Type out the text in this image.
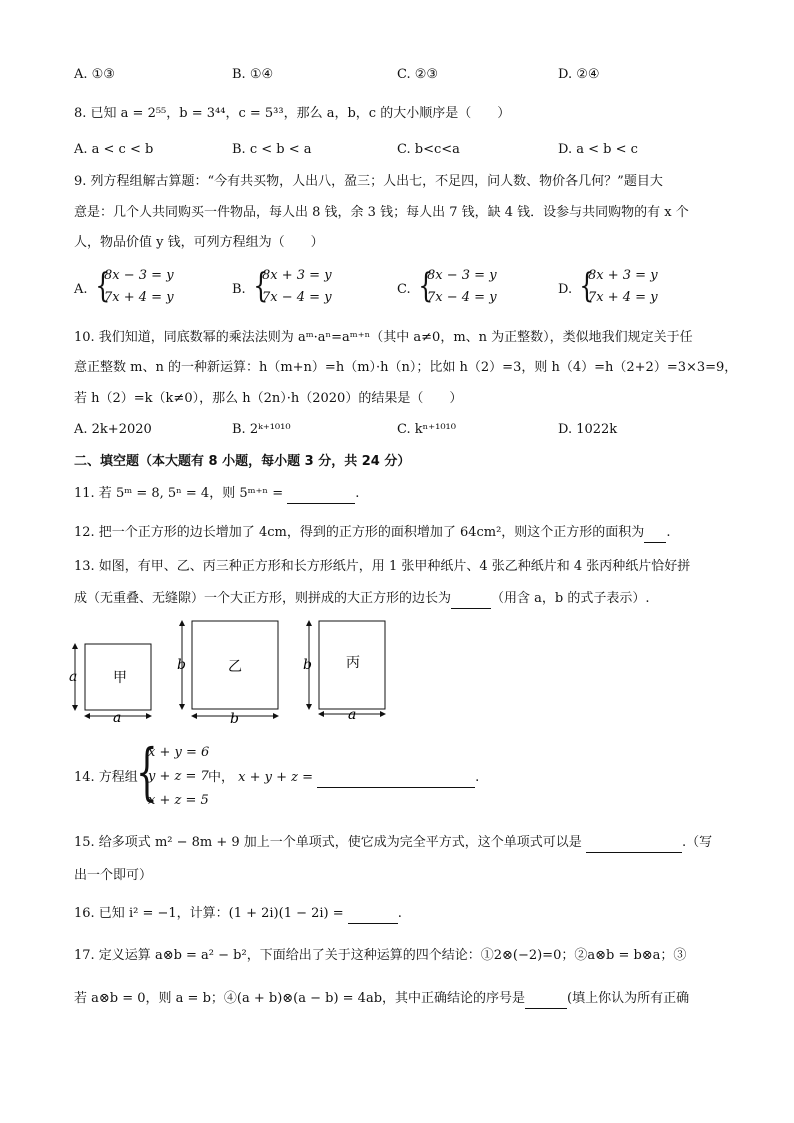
A. ①③	B. ①④	C. ②③	D. ②④
8. 已知 a = 2⁵⁵，b = 3⁴⁴，c = 5³³，那么 a，b，c 的大小顺序是（　　）
A. a < c < b	B. c < b < a	C. b<c<a	D. a < b < c
9. 列方程组解古算题：“今有共买物，人出八，盈三；人出七，不足四，问人数、物价各几何？”题目大
意是：几个人共同购买一件物品，每人出 8 钱，余 3 钱；每人出 7 钱，缺 4 钱．设参与共同购物的有 x 个
人，物品价值 y 钱，可列方程组为（　　）
A. {
8x − 3 = y
7x + 4 = y
B. {
8x + 3 = y
7x − 4 = y
C. {
8x − 3 = y
7x − 4 = y
D. {
8x + 3 = y
7x + 4 = y
10. 我们知道，同底数幂的乘法法则为 aᵐ·aⁿ=aᵐ⁺ⁿ（其中 a≠0，m、n 为正整数），类似地我们规定关于任
意正整数 m、n 的一种新运算：h（m+n）=h（m）·h（n）；比如 h（2）=3，则 h（4）=h（2+2）=3×3=9，
若 h（2）=k（k≠0），那么 h（2n）·h（2020）的结果是（　　）
A. 2k+2020	B. 2ᵏ⁺¹⁰¹⁰	C. kⁿ⁺¹⁰¹⁰	D. 1022k
二、填空题（本大题有 8 小题，每小题 3 分，共 24 分）
11. 若 5ᵐ = 8, 5ⁿ = 4，则 5ᵐ⁺ⁿ =	.
12. 把一个正方形的边长增加了 4cm，得到的正方形的面积增加了 64cm²，则这个正方形的面积为 .
13. 如图，有甲、乙、丙三种正方形和长方形纸片，用 1 张甲种纸片、4 张乙种纸片和 4 张丙种纸片恰好拼
成（无重叠、无缝隙）一个大正方形，则拼成的大正方形的边长为	（用含 a，b 的式子表示）.
甲
a
a
乙
b
b
丙
b
a
14. 方程组
{
x + y = 6
y + z = 7
x + z = 5
中， x + y + z =	.
15. 给多项式 m² − 8m + 9 加上一个单项式，使它成为完全平方式，这个单项式可以是	.（写
出一个即可）
16. 已知 i² = −1，计算：(1 + 2i)(1 − 2i) =	.
17. 定义运算 a⊗b = a² − b²，下面给出了关于这种运算的四个结论：①2⊗(−2)=0；②a⊗b = b⊗a；③
若 a⊗b = 0，则 a = b；④(a + b)⊗(a − b) = 4ab，其中正确结论的序号是	(填上你认为所有正确
